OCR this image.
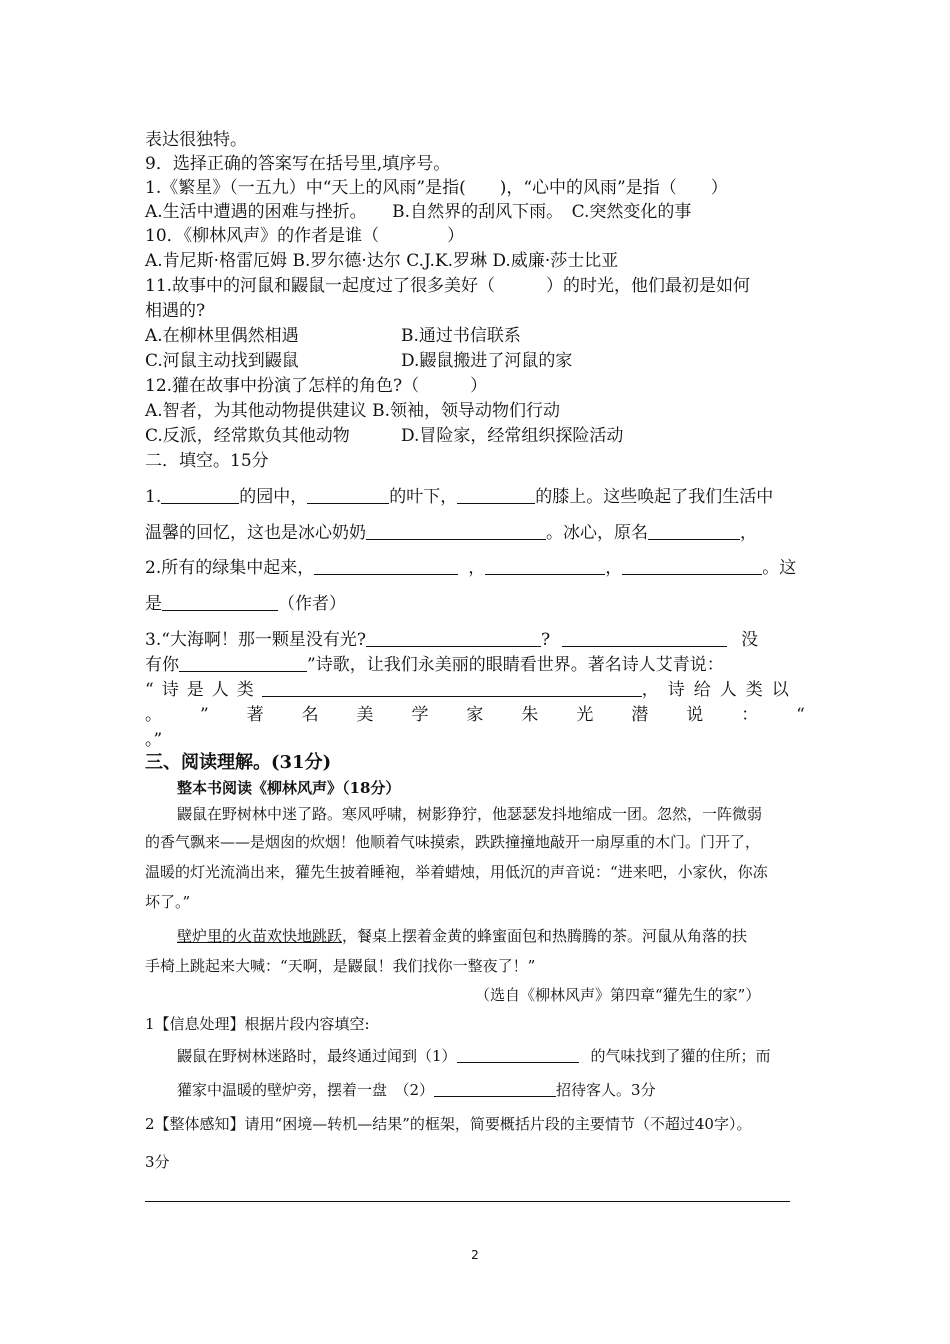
表达很独特。
9．选择正确的答案写在括号里,填序号。
1.《繁星》（一五九）中“天上的风雨”是指(　　)，“心中的风雨”是指（　　）
A.生活中遭遇的困难与挫折。　　B.自然界的刮风下雨。　C.突然变化的事
10．《柳林风声》的作者是谁（　　　　）
A.肯尼斯·格雷厄姆 B.罗尔德·达尔 C.J.K.罗琳 D.威廉·莎士比亚
11.故事中的河鼠和鼹鼠一起度过了很多美好（　　　）的时光，他们最初是如何
相遇的?
A.在柳林里偶然相遇	B.通过书信联系
C.河鼠主动找到鼹鼠	D.鼹鼠搬进了河鼠的家
12.獾在故事中扮演了怎样的角色?（　　　）
A.智者，为其他动物提供建议 B.领袖，领导动物们行动
C.反派，经常欺负其他动物	D.冒险家，经常组织探险活动
二．填空。15分
1.	的园中，	的叶下，	的膝上。这些唤起了我们生活中
温馨的回忆，这也是冰心奶奶	。冰心，原名	，
2.所有的绿集中起来，	，	，	。这
是	（作者）
3.“大海啊！那一颗星没有光?	?	没
有你	”诗歌，让我们永美丽的眼睛看世界。著名诗人艾青说：
“诗是人类	，诗给人类以
。 ” 著 名 美 学 家 朱 光 潜 说 ： “
。”
三、阅读理解。(31分)
整本书阅读《柳林风声》（18分）
鼹鼠在野树林中迷了路。寒风呼啸，树影狰狞，他瑟瑟发抖地缩成一团。忽然，一阵微弱
的香气飘来——是烟囱的炊烟！他顺着气味摸索，跌跌撞撞地敲开一扇厚重的木门。门开了，
温暖的灯光流淌出来，獾先生披着睡袍，举着蜡烛，用低沉的声音说：“进来吧，小家伙，你冻
坏了。”
壁炉里的火苗欢快地跳跃，餐桌上摆着金黄的蜂蜜面包和热腾腾的茶。河鼠从角落的扶
手椅上跳起来大喊：“天啊，是鼹鼠！我们找你一整夜了！”
（选自《柳林风声》第四章“獾先生的家”）
1【信息处理】根据片段内容填空:
鼹鼠在野树林迷路时，最终通过闻到（1）	的气味找到了獾的住所；而
獾家中温暖的壁炉旁，摆着一盘　（2）	招待客人。3分
2【整体感知】请用“困境—转机—结果”的框架，简要概括片段的主要情节（不超过40字）。
3分
2
